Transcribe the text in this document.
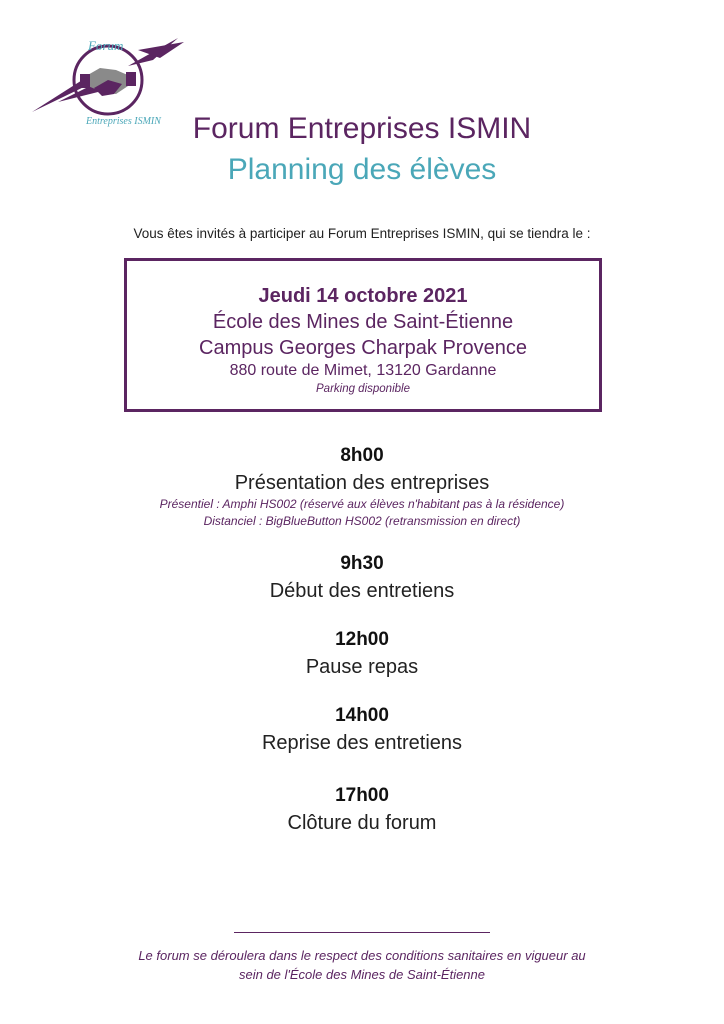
Forum
Entreprises ISMIN	Forum Entreprises ISMIN
Planning des élèves
Vous êtes invités à participer au Forum Entreprises ISMIN, qui se tiendra le :
Jeudi 14 octobre 2021
École des Mines de Saint-Étienne
Campus Georges Charpak Provence
880 route de Mimet, 13120 Gardanne
Parking disponible
8h00
Présentation des entreprises
Présentiel : Amphi HS002 (réservé aux élèves n'habitant pas à la résidence)
Distanciel : BigBlueButton HS002 (retransmission en direct)
9h30
Début des entretiens
12h00
Pause repas
14h00
Reprise des entretiens
17h00
Clôture du forum
Le forum se déroulera dans le respect des conditions sanitaires en vigueur au
sein de l'École des Mines de Saint-Étienne
